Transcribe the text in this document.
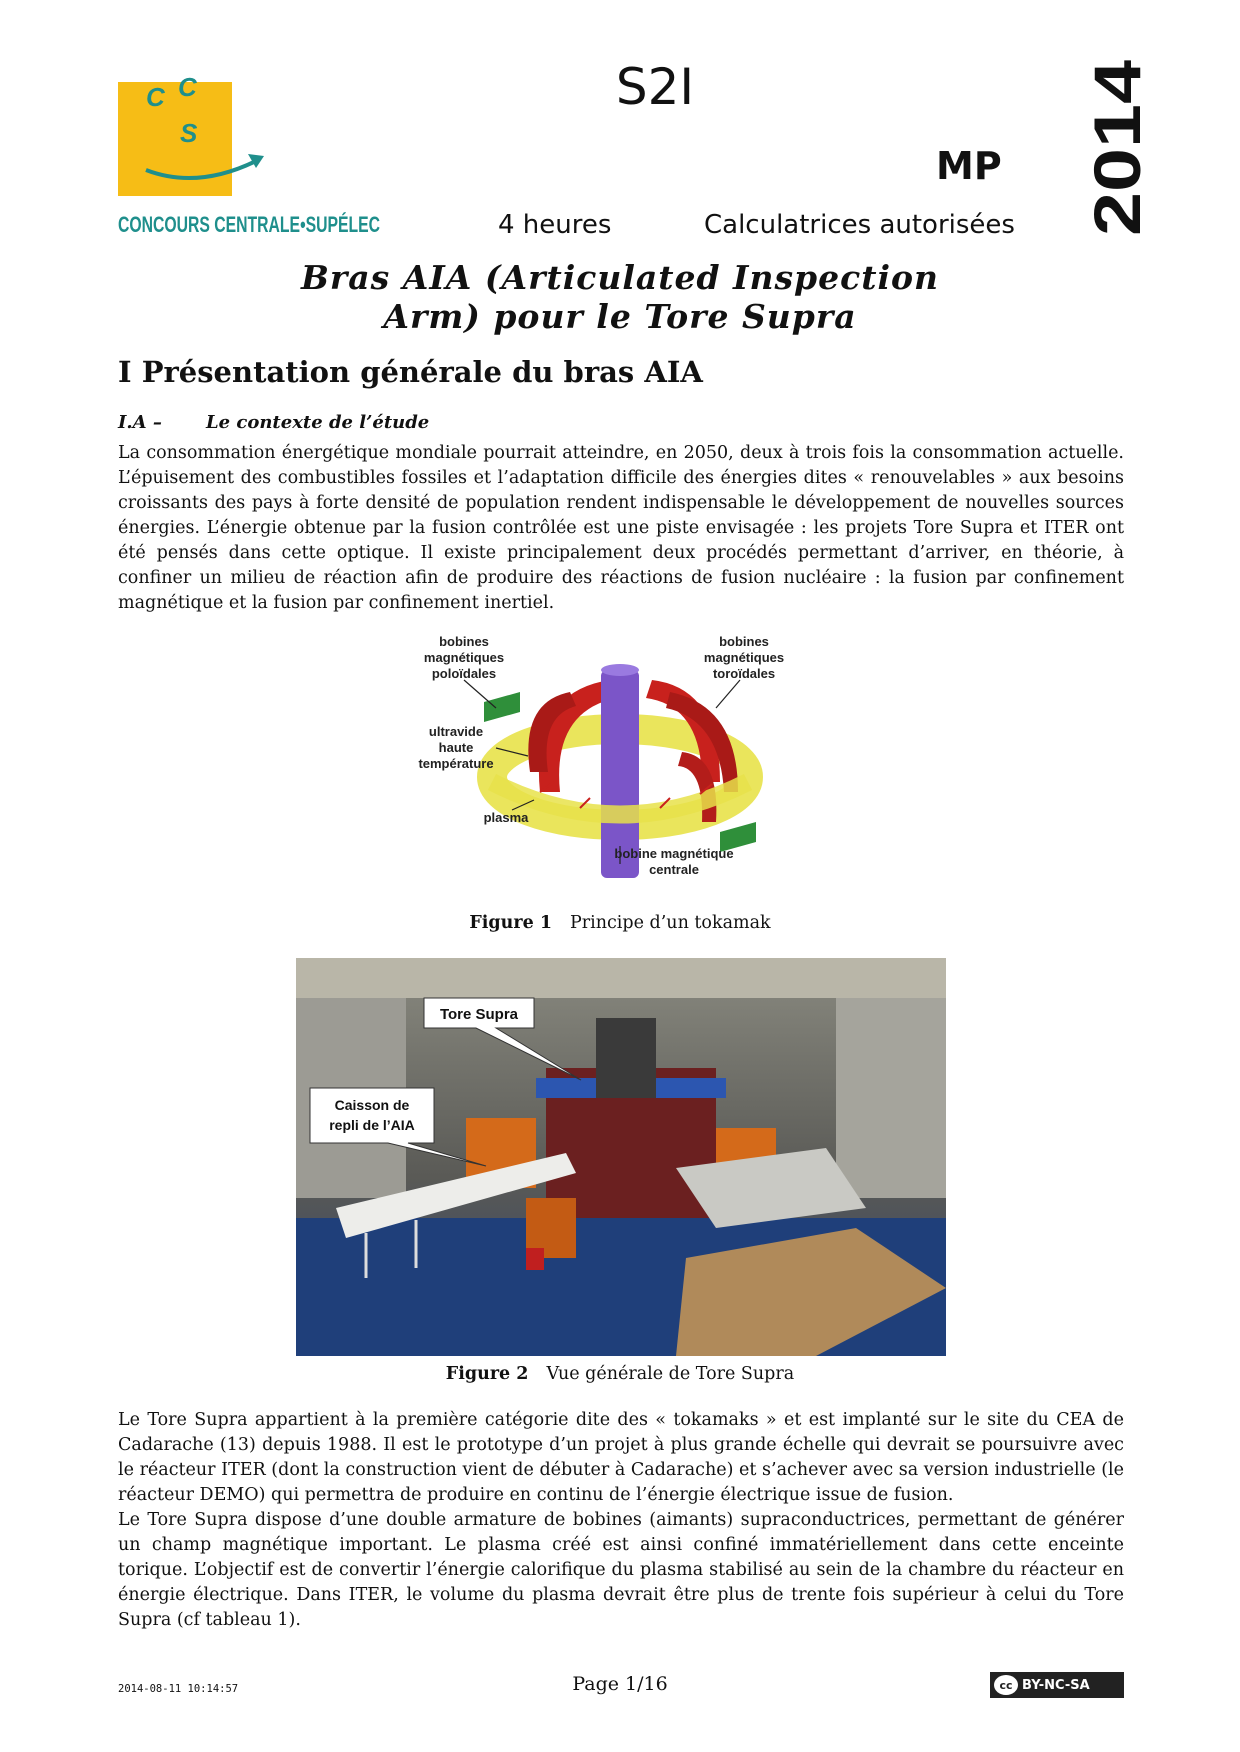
C C
S
CONCOURS CENTRALE•SUPÉLEC
S2I
MP 2014
4 heures	Calculatrices autorisées
Bras AIA (Articulated Inspection
Arm) pour le Tore Supra
I Présentation générale du bras AIA
I.A – Le contexte de l’étude
La consommation énergétique mondiale pourrait atteindre, en 2050, deux à trois fois la consommation actuelle. L’épuisement des combustibles fossiles et l’adaptation difficile des énergies dites « renouvelables » aux besoins croissants des pays à forte densité de population rendent indispensable le développement de nouvelles sources énergies. L’énergie obtenue par la fusion contrôlée est une piste envisagée : les projets Tore Supra et ITER ont été pensés dans cette optique. Il existe principalement deux procédés permettant d’arriver, en théorie, à confiner un milieu de réaction afin de produire des réactions de fusion nucléaire : la fusion par confinement magnétique et la fusion par confinement inertiel.
bobines
magnétiques
poloïdales
bobines
magnétiques
toroïdales
ultravide
haute
température
plasma
bobine magnétique
centrale
Figure 1 Principe d’un tokamak
Tore Supra
Caisson de
repli de l’AIA
Figure 2 Vue générale de Tore Supra
Le Tore Supra appartient à la première catégorie dite des « tokamaks » et est implanté sur le site du CEA de Cadarache (13) depuis 1988. Il est le prototype d’un projet à plus grande échelle qui devrait se poursuivre avec le réacteur ITER (dont la construction vient de débuter à Cadarache) et s’achever avec sa version industrielle (le réacteur DEMO) qui permettra de produire en continu de l’énergie électrique issue de fusion.
Le Tore Supra dispose d’une double armature de bobines (aimants) supraconductrices, permettant de générer un champ magnétique important. Le plasma créé est ainsi confiné immatériellement dans cette enceinte torique. L’objectif est de convertir l’énergie calorifique du plasma stabilisé au sein de la chambre du réacteur en énergie électrique. Dans ITER, le volume du plasma devrait être plus de trente fois supérieur à celui du Tore Supra (cf tableau 1).
2014-08-11 10:14:57	Page 1/16	cc BY-NC-SA
